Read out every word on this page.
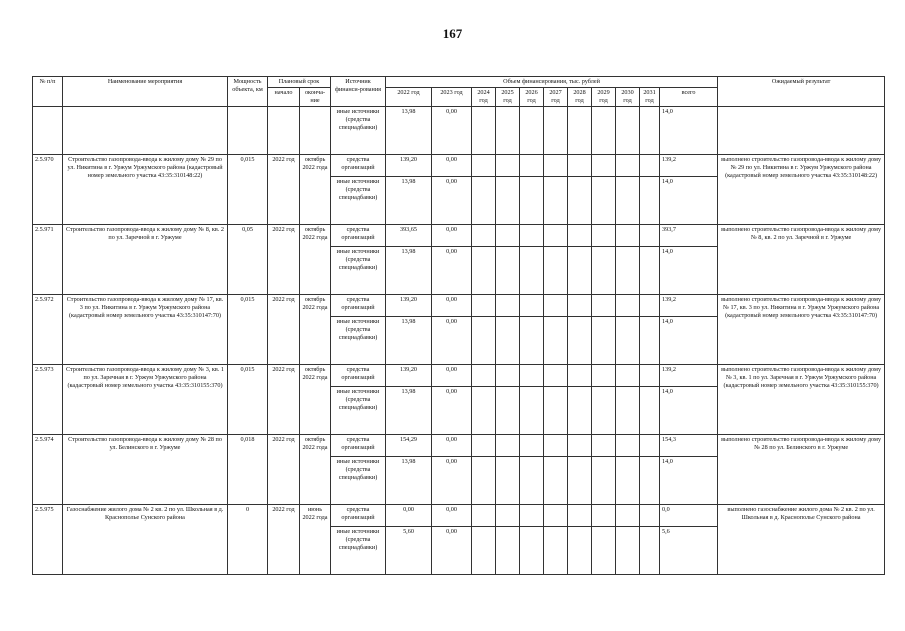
167
№ п/п	Наименование мероприятия	Мощность объекта, км	Плановый срок		Источник финанси-рования	Объем финансирования, тыс. рублей											Ожидаемый результат
			начало	оконча-ние		2022 год	2023 год	2024 год	2025 год	2026 год	2027 год	2028 год	2029 год	2030 год	2031 год	всего	

					иные источники (средства спецнадбавки)	13,98	0,00									14,0	
2.5.970	Строительство газопровода-ввода к жилому дому № 29 по ул. Никитина в г. Уржум Уржумского района (кадастровый номер земельного участка 43:35:310148:22)	0,015	2022 год	октябрь 2022 года	средства организаций	139,20	0,00									139,2	выполнено строительство газопровода-ввода к жилому дому № 29 по ул. Никитина в г. Уржум Уржумского района (кадастровый номер земельного участка 43:35:310148:22)
					иные источники (средства спецнадбавки)	13,98	0,00									14,0	
2.5.971	Строительство газопровода-ввода к жилому дому № 8, кв. 2 по ул. Заречной в г. Уржуме	0,05	2022 год	октябрь 2022 года	средства организаций	393,65	0,00									393,7	выполнено строительство газопровода-ввода к жилому дому № 8, кв. 2 по ул. Заречной в г. Уржуме
					иные источники (средства спецнадбавки)	13,98	0,00									14,0	
2.5.972	Строительство газопровода-ввода к жилому дому № 17, кв. 3 по ул. Никитина в г. Уржум Уржумского района (кадастровый номер земельного участка 43:35:310147:70)	0,015	2022 год	октябрь 2022 года	средства организаций	139,20	0,00									139,2	выполнено строительство газопровода-ввода к жилому дому № 17, кв. 3 по ул. Никитина в г. Уржум Уржумского района (кадастровый номер земельного участка 43:35:310147:70)
					иные источники (средства спецнадбавки)	13,98	0,00									14,0	
2.5.973	Строительство газопровода-ввода к жилому дому № 3, кв. 1 по ул. Заречная в г. Уржум Уржумского района (кадастровый номер земельного участка 43:35:310155:370)	0,015	2022 год	октябрь 2022 года	средства организаций	139,20	0,00									139,2	выполнено строительство газопровода-ввода к жилому дому № 3, кв. 1 по ул. Заречная в г. Уржум Уржумского района (кадастровый номер земельного участка 43:35:310155:370)
					иные источники (средства спецнадбавки)	13,98	0,00									14,0	
2.5.974	Строительство газопровода-ввода к жилому дому № 28 по ул. Белинского в г. Уржуме	0,018	2022 год	октябрь 2022 года	средства организаций	154,29	0,00									154,3	выполнено строительство газопровода-ввода к жилому дому № 28 по ул. Белинского в г. Уржуме
					иные источники (средства спецнадбавки)	13,98	0,00									14,0	
2.5.975	Газоснабжение жилого дома № 2 кв. 2 по ул. Школьная в д. Краснополье Сунского района	0	2022 год	июнь 2022 года	средства организаций	0,00	0,00									0,0	выполнено газоснабжение жилого дома № 2 кв. 2 по ул. Школьная в д. Краснополье Сунского района
					иные источники (средства спецнадбавки)	5,60	0,00									5,6	
